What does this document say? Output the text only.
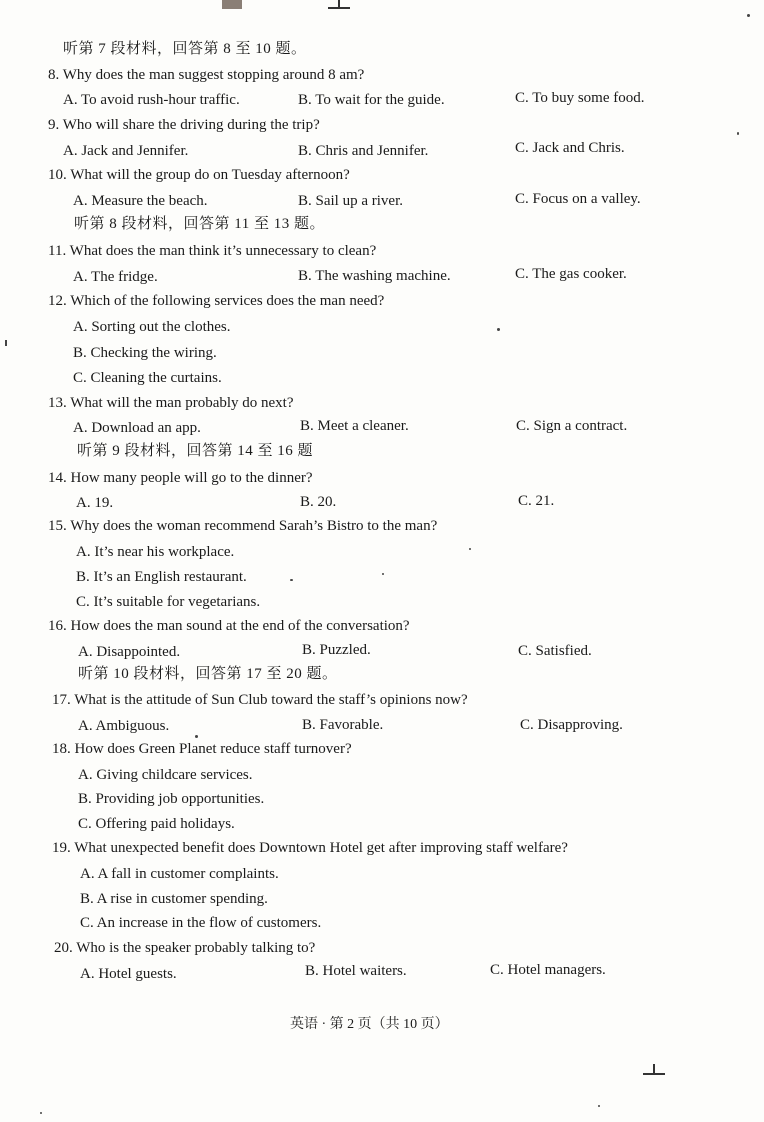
听第 7 段材料，回答第 8 至 10 题。
听第 8 段材料，回答第 11 至 13 题。
听第 9 段材料，回答第 14 至 16 题
听第 10 段材料，回答第 17 至 20 题。
8. Why does the man suggest stopping around 8 am?
A. To avoid rush-hour traffic.	B. To wait for the guide.	C. To buy some food.
9. Who will share the driving during the trip?
A. Jack and Jennifer.	B. Chris and Jennifer.	C. Jack and Chris.
10. What will the group do on Tuesday afternoon?
A. Measure the beach.	B. Sail up a river.	C. Focus on a valley.
11. What does the man think it’s unnecessary to clean?
A. The fridge.	B. The washing machine.	C. The gas cooker.
12. Which of the following services does the man need?
A. Sorting out the clothes.
B. Checking the wiring.
C. Cleaning the curtains.
13. What will the man probably do next?
A. Download an app.	B. Meet a cleaner.	C. Sign a contract.
14. How many people will go to the dinner?
A. 19.	B. 20.	C. 21.
15. Why does the woman recommend Sarah’s Bistro to the man?
A. It’s near his workplace.
B. It’s an English restaurant.
C. It’s suitable for vegetarians.
16. How does the man sound at the end of the conversation?
A. Disappointed.	B. Puzzled.	C. Satisfied.
17. What is the attitude of Sun Club toward the staff’s opinions now?
A. Ambiguous.	B. Favorable.	C. Disapproving.
18. How does Green Planet reduce staff turnover?
A. Giving childcare services.
B. Providing job opportunities.
C. Offering paid holidays.
19. What unexpected benefit does Downtown Hotel get after improving staff welfare?
A. A fall in customer complaints.
B. A rise in customer spending.
C. An increase in the flow of customers.
20. Who is the speaker probably talking to?
A. Hotel guests.	B. Hotel waiters.	C. Hotel managers.
英语 · 第 2 页（共 10 页）
